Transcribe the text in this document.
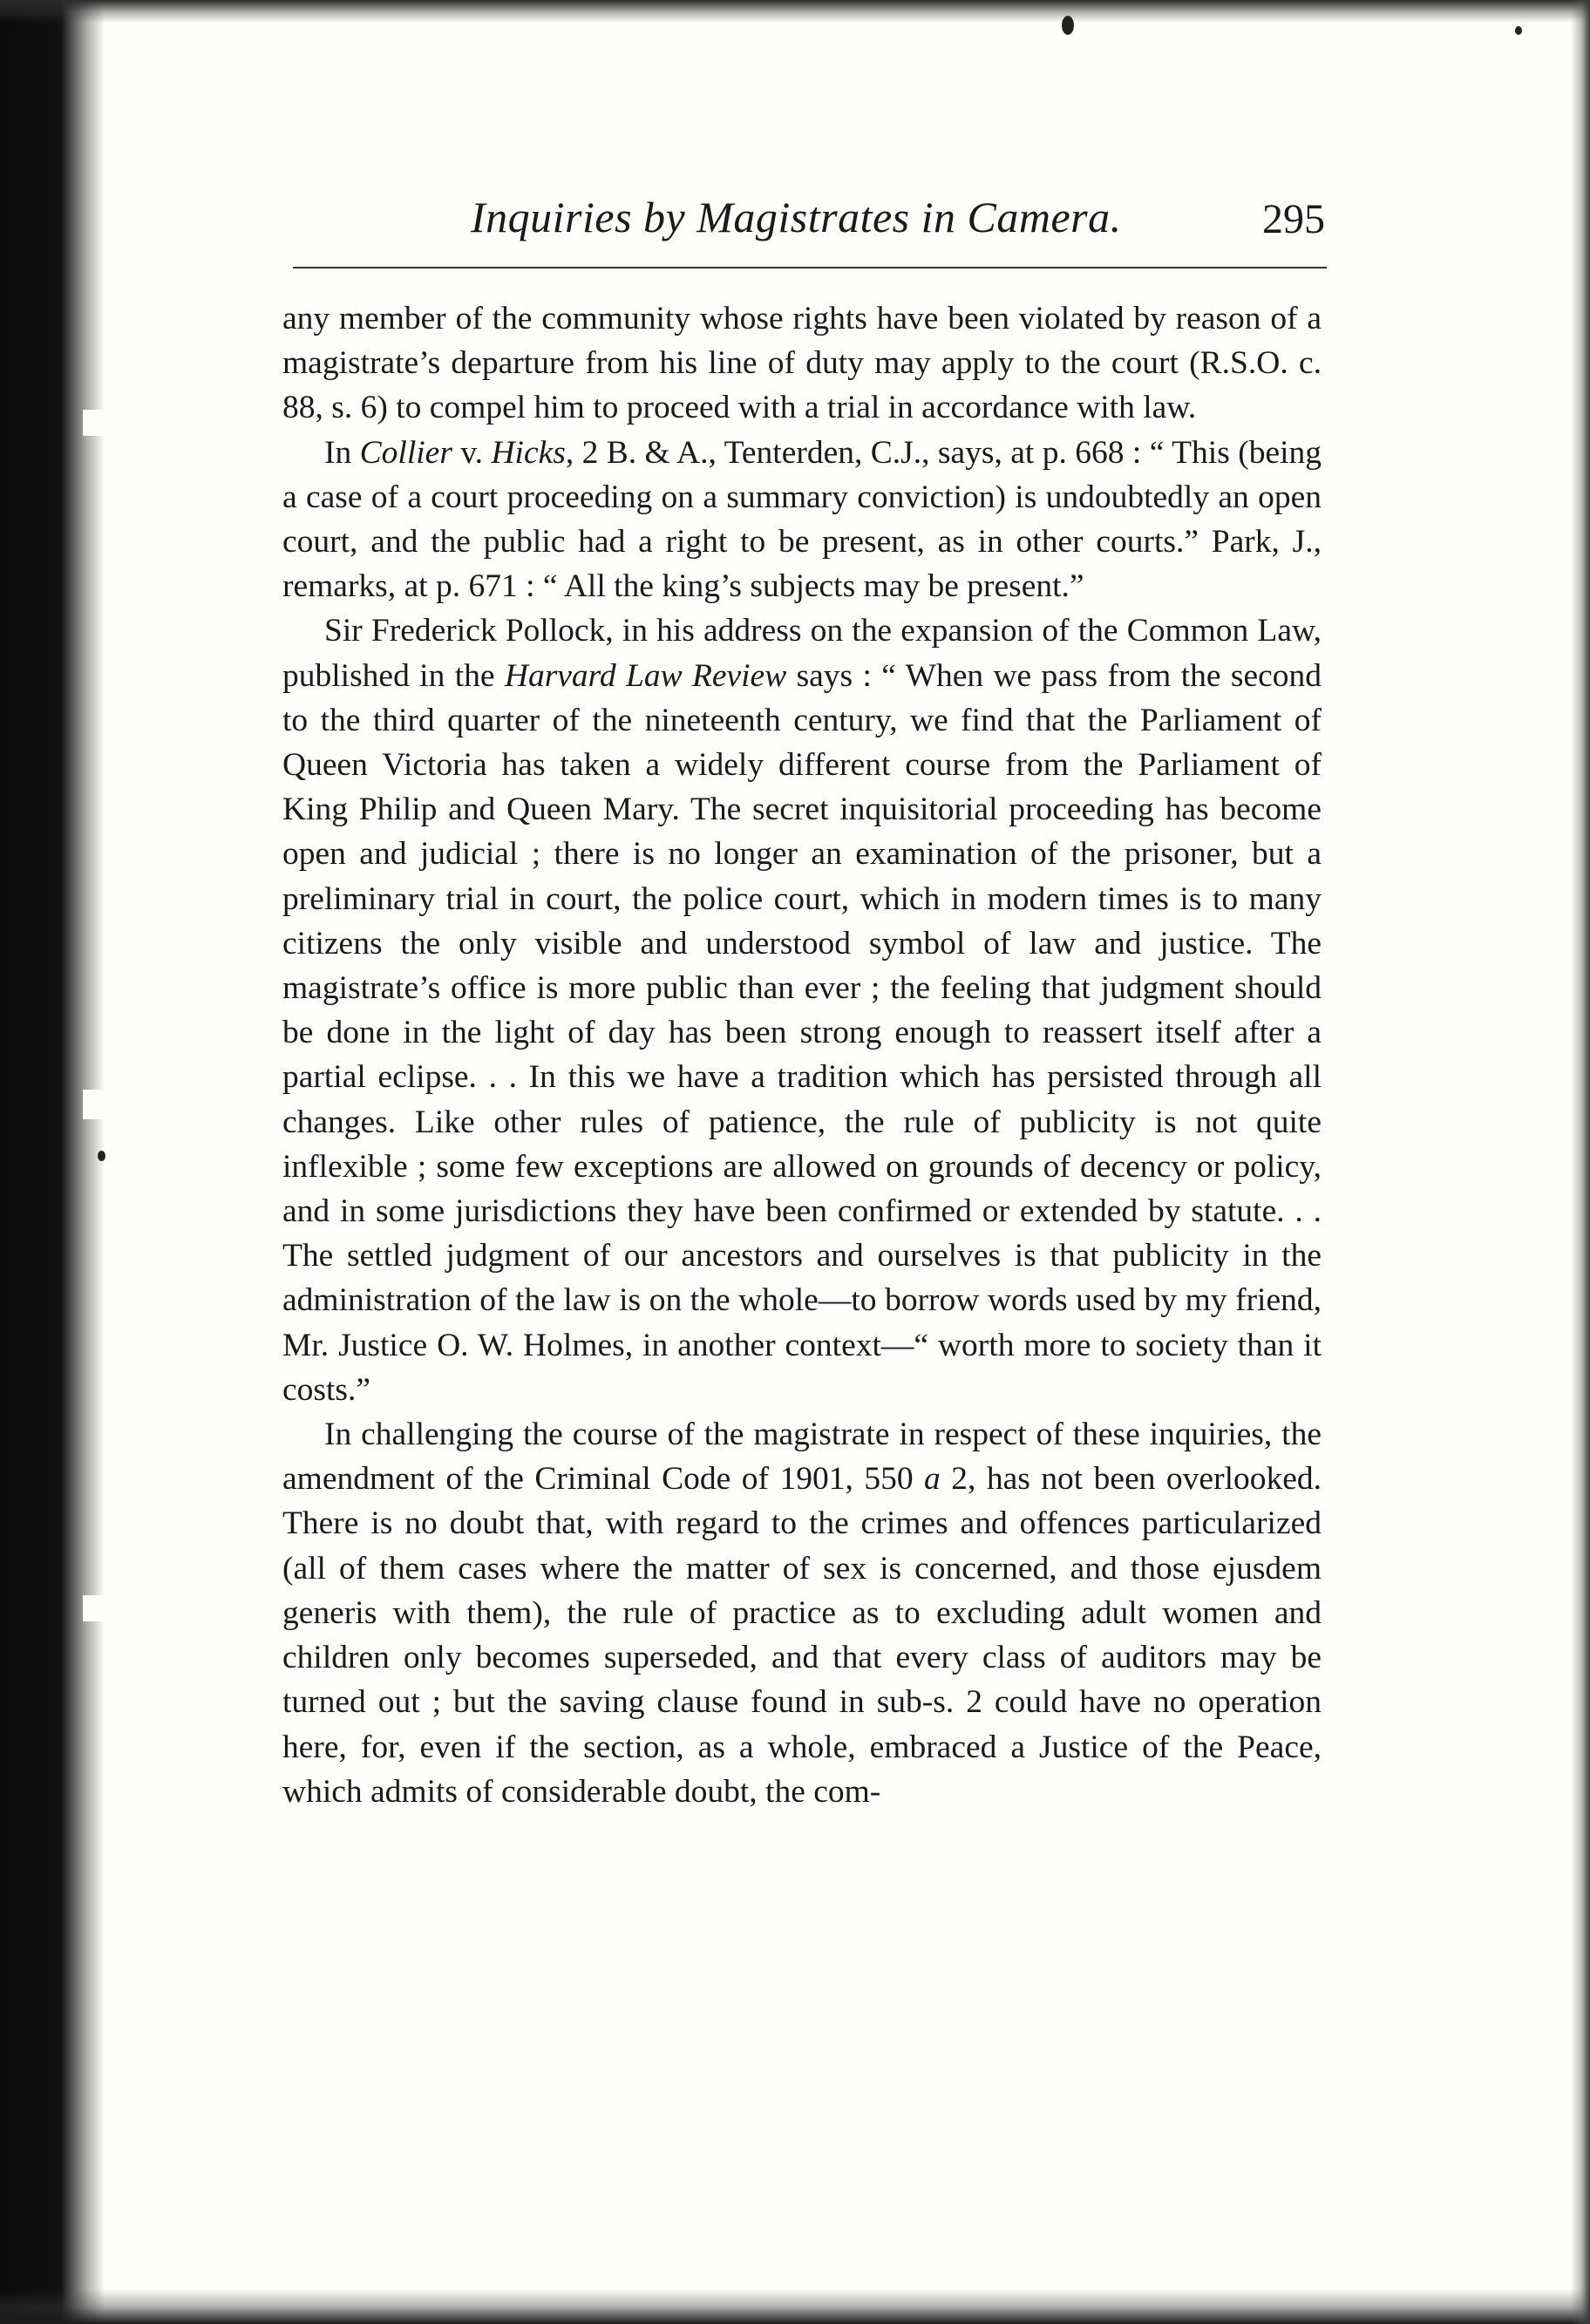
Inquiries by Magistrates in Camera.	295

any member of the community whose rights have been violated by reason of a magistrate’s departure from his line of duty may apply to the court (R.S.O. c. 88, s. 6) to compel him to proceed with a trial in accordance with law.

In Collier v. Hicks, 2 B. & A., Tenterden, C.J., says, at p. 668 : “ This (being a case of a court proceeding on a summary conviction) is undoubtedly an open court, and the public had a right to be present, as in other courts.” Park, J., remarks, at p. 671 : “ All the king’s subjects may be present.”

Sir Frederick Pollock, in his address on the expansion of the Common Law, published in the Harvard Law Review says : “ When we pass from the second to the third quarter of the nineteenth century, we find that the Parliament of Queen Victoria has taken a widely different course from the Parliament of King Philip and Queen Mary. The secret inquisitorial proceeding has become open and judicial ; there is no longer an examination of the prisoner, but a preliminary trial in court, the police court, which in modern times is to many citizens the only visible and understood symbol of law and justice. The magistrate’s office is more public than ever ; the feeling that judgment should be done in the light of day has been strong enough to reassert itself after a partial eclipse. . . In this we have a tradition which has persisted through all changes. Like other rules of patience, the rule of publicity is not quite inflexible ; some few exceptions are allowed on grounds of decency or policy, and in some jurisdictions they have been confirmed or extended by statute. . . The settled judgment of our ancestors and ourselves is that publicity in the administration of the law is on the whole—to borrow words used by my friend, Mr. Justice O. W. Holmes, in another context—“ worth more to society than it costs.”

In challenging the course of the magistrate in respect of these inquiries, the amendment of the Criminal Code of 1901, 550 a 2, has not been overlooked. There is no doubt that, with regard to the crimes and offences particularized (all of them cases where the matter of sex is concerned, and those ejusdem generis with them), the rule of practice as to excluding adult women and children only becomes superseded, and that every class of auditors may be turned out ; but the saving clause found in sub-s. 2 could have no operation here, for, even if the section, as a whole, embraced a Justice of the Peace, which admits of considerable doubt, the com-
